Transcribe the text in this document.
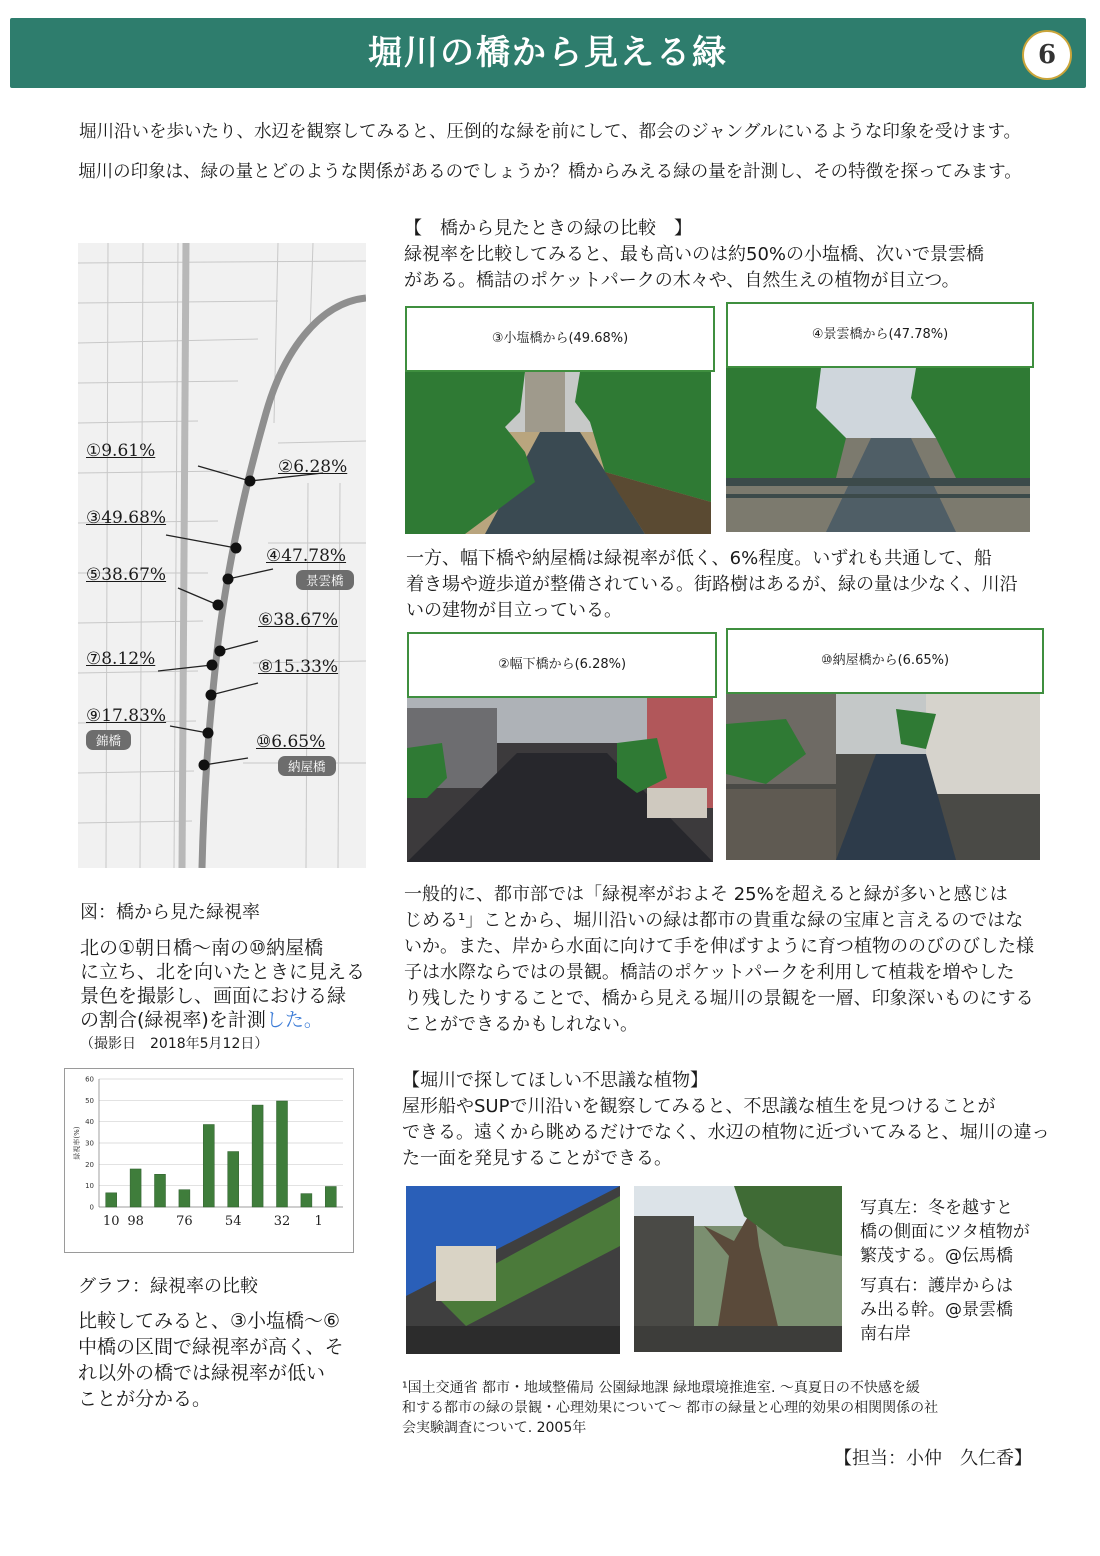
堀川の橋から見える緑	6
堀川沿いを歩いたり、水辺を観察してみると、圧倒的な緑を前にして、都会のジャングルにいるような印象を受けます。
堀川の印象は、緑の量とどのような関係があるのでしょうか？橋からみえる緑の量を計測し、その特徴を探ってみます。
①9.61%
②6.28%
③49.68%
④47.78%
景雲橋
⑤38.67%
⑥38.67%
⑦8.12%	⑧15.33%
⑨17.83%
錦橋	⑩6.65%
納屋橋
図：橋から見た緑視率
北の①朝日橋～南の⑩納屋橋
に立ち、北を向いたときに見える
景色を撮影し、画面における緑
の割合(緑視率)を計測した。
（撮影日　2018年5月12日）
0
10
20
30
40
50
60
緑視率(%)
10 98 76 54 32 1
グラフ：緑視率の比較
比較してみると、③小塩橋～⑥
中橋の区間で緑視率が高く、そ
れ以外の橋では緑視率が低い
ことが分かる。
【　橋から見たときの緑の比較　】
緑視率を比較してみると、最も高いのは約50%の小塩橋、次いで景雲橋
がある。橋詰のポケットパークの木々や、自然生えの植物が目立つ。
③小塩橋から(49.68%)	④景雲橋から(47.78%)
一方、幅下橋や納屋橋は緑視率が低く、6%程度。いずれも共通して、船
着き場や遊歩道が整備されている。街路樹はあるが、緑の量は少なく、川沿
いの建物が目立っている。
②幅下橋から(6.28%)	⑩納屋橋から(6.65%)
一般的に、都市部では「緑視率がおよそ 25%を超えると緑が多いと感じは
じめる¹」ことから、堀川沿いの緑は都市の貴重な緑の宝庫と言えるのではな
いか。また、岸から水面に向けて手を伸ばすように育つ植物ののびのびした様
子は水際ならではの景観。橋詰のポケットパークを利用して植栽を増やした
り残したりすることで、橋から見える堀川の景観を一層、印象深いものにする
ことができるかもしれない。
【堀川で探してほしい不思議な植物】
屋形船やSUPで川沿いを観察してみると、不思議な植生を見つけることが
できる。遠くから眺めるだけでなく、水辺の植物に近づいてみると、堀川の違っ
た一面を発見することができる。
写真左：冬を越すと
橋の側面にツタ植物が
繁茂する。@伝馬橋
写真右：護岸からは
み出る幹。@景雲橋
南右岸
¹国土交通省 都市・地域整備局 公園緑地課 緑地環境推進室. ～真夏日の不快感を緩
和する都市の緑の景観・心理効果について～ 都市の緑量と心理的効果の相関関係の社
会実験調査について. 2005年
【担当：小仲　久仁香】
